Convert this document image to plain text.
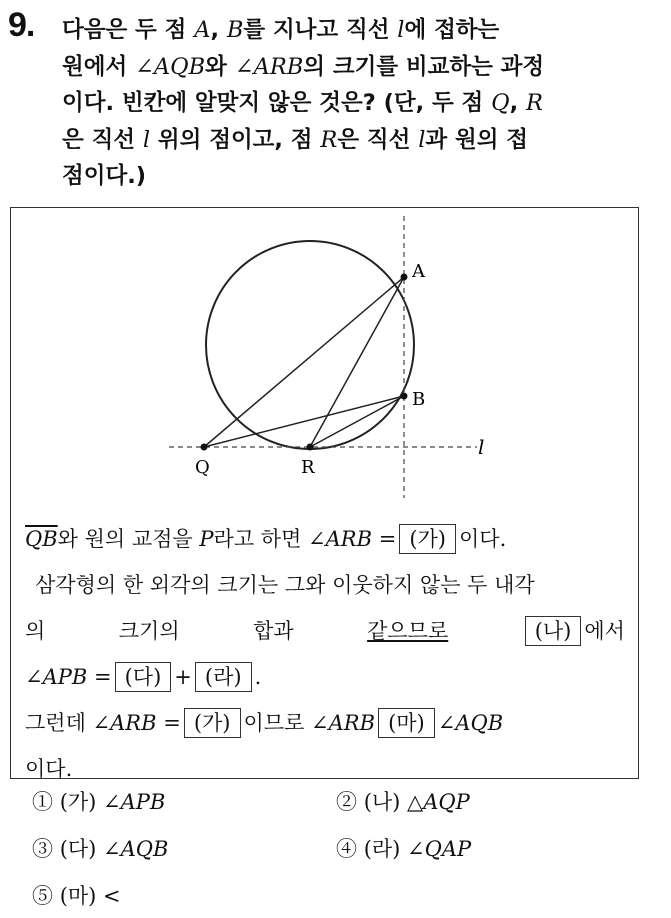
9. 다음은 두 점 A, B를 지나고 직선 l에 접하는
원에서 ∠AQB와 ∠ARB의 크기를 비교하는 과정
이다. 빈칸에 알맞지 않은 것은? (단, 두 점 Q, R
은 직선 l 위의 점이고, 점 R은 직선 l과 원의 접
점이다.)
A
B
Q	R
l
$\overline{QB}$와 원의 교점을 P라고 하면 ∠ARB = (가) 이다.
삼각형의 한 외각의 크기는 그와 이웃하지 않는 두 내각
의	크기의	합과	같으므로	(나) 에서
∠APB = (다) + (라) .
그런데 ∠ARB = (가) 이므로 ∠ARB (마) ∠AQB
이다.
① (가) ∠APB	② (나) △AQP
③ (다) ∠AQB	④ (라) ∠QAP
⑤ (마) <
